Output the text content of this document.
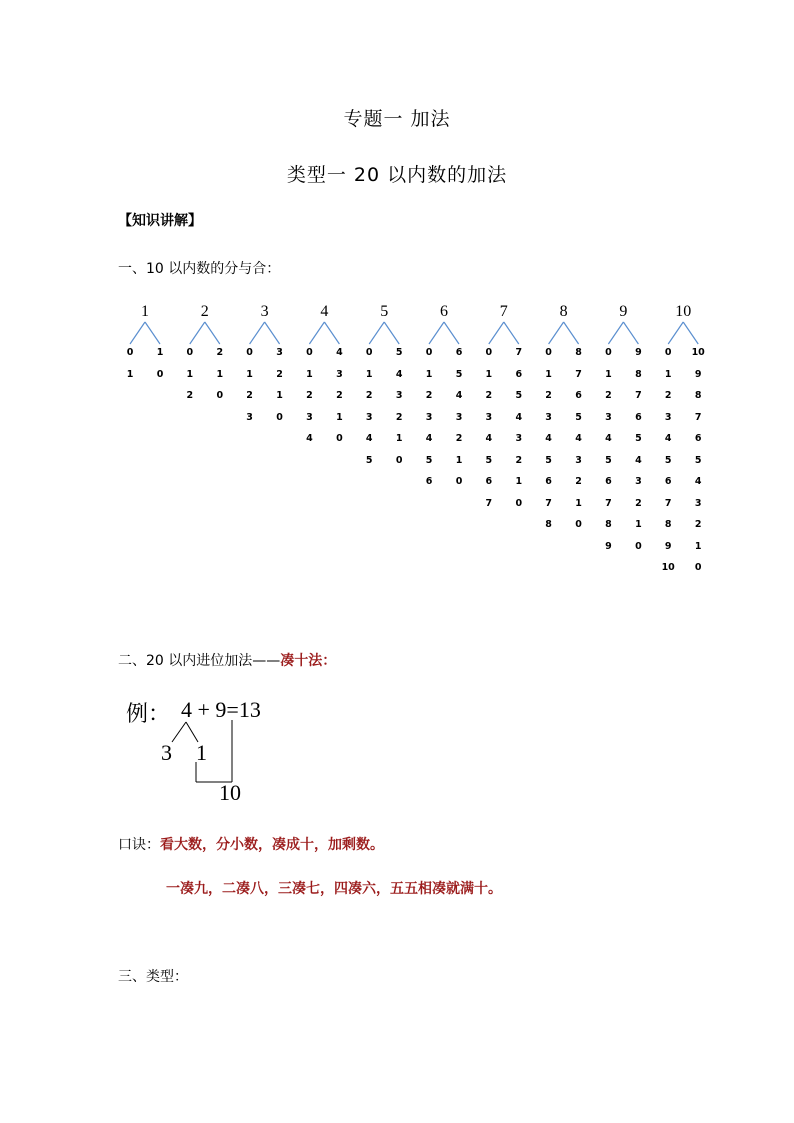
专题一 加法
类型一 20 以内数的加法
【知识讲解】
一、10 以内数的分与合：
1
0	1
1	0
2
0	2
1	1
2	0
3
0	3
1	2
2	1
3	0
4
0	4
1	3
2	2
3	1
4	0
5
0	5
1	4
2	3
3	2
4	1
5	0
6
0	6
1	5
2	4
3	3
4	2
5	1
6	0
7
0	7
1	6
2	5
3	4
4	3
5	2
6	1
7	0
8
0	8
1	7
2	6
3	5
4	4
5	3
6	2
7	1
8	0
9
0	9
1	8
2	7
3	6
4	5
5	4
6	3
7	2
8	1
9	0
10
0	10
1	9
2	8
3	7
4	6
5	5
6	4
7	3
8	2
9	1
10	0
二、20 以内进位加法——凑十法：
例： 4 + 9=13
3 1
10
口诀：看大数，分小数，凑成十，加剩数。
一凑九，二凑八，三凑七，四凑六，五五相凑就满十。
三、类型：
